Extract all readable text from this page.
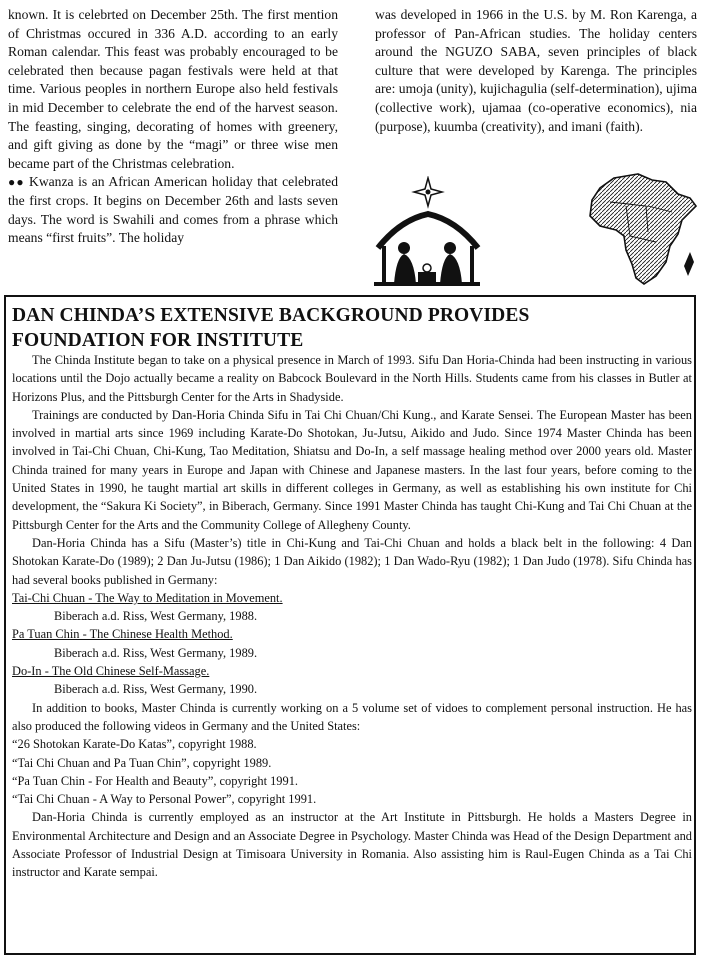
known. It is celebrted on December 25th. The first mention of Christmas occured in 336 A.D. according to an early Roman calendar. This feast was probably encouraged to be celebrated then because pagan festivals were held at that time. Various peoples in northern Europe also held festivals in mid December to celebrate the end of the harvest season. The feasting, singing, decorating of homes with greenery, and gift giving as done by the “magi” or three wise men became part of the Christmas celebration.

●● Kwanza is an African American holiday that celebrated the first crops. It begins on December 26th and lasts seven days. The word is Swahili and comes from a phrase which means “first fruits”. The holiday

was developed in 1966 in the U.S. by M. Ron Karenga, a professor of Pan-African studies. The holiday centers around the NGUZO SABA, seven principles of black culture that were developed by Karenga. The principles are: umoja (unity), kujichagulia (self-determination), ujima (collective work), ujamaa (co-operative economics), nia (purpose), kuumba (creativity), and imani (faith).

DAN CHINDA’S EXTENSIVE BACKGROUND PROVIDES
FOUNDATION FOR INSTITUTE

The Chinda Institute began to take on a physical presence in March of 1993. Sifu Dan Horia-Chinda had been instructing in various locations until the Dojo actually became a reality on Babcock Boulevard in the North Hills. Students came from his classes in Butler at Horizons Plus, and the Pittsburgh Center for the Arts in Shadyside.

Trainings are conducted by Dan-Horia Chinda Sifu in Tai Chi Chuan/Chi Kung., and Karate Sensei. The European Master has been involved in martial arts since 1969 including Karate-Do Shotokan, Ju-Jutsu, Aikido and Judo. Since 1974 Master Chinda has been involved in Tai-Chi Chuan, Chi-Kung, Tao Meditation, Shiatsu and Do-In, a self massage healing method over 2000 years old. Master Chinda trained for many years in Europe and Japan with Chinese and Japanese masters. In the last four years, before coming to the United States in 1990, he taught martial art skills in different colleges in Germany, as well as establishing his own institute for Chi development, the “Sakura Ki Society”, in Biberach, Germany. Since 1991 Master Chinda has taught Chi-Kung and Tai Chi Chuan at the Pittsburgh Center for the Arts and the Community College of Allegheny County.

Dan-Horia Chinda has a Sifu (Master’s) title in Chi-Kung and Tai-Chi Chuan and holds a black belt in the following: 4 Dan Shotokan Karate-Do (1989); 2 Dan Ju-Jutsu (1986); 1 Dan Aikido (1982); 1 Dan Wado-Ryu (1982); 1 Dan Judo (1978). Sifu Chinda has had several books published in Germany:

Tai-Chi Chuan - The Way to Meditation in Movement.

Biberach a.d. Riss, West Germany, 1988.

Pa Tuan Chin - The Chinese Health Method.

Biberach a.d. Riss, West Germany, 1989.

Do-In - The Old Chinese Self-Massage.

Biberach a.d. Riss, West Germany, 1990.

In addition to books, Master Chinda is currently working on a 5 volume set of vidoes to complement personal instruction. He has also produced the following videos in Germany and the United States:

“26 Shotokan Karate-Do Katas”, copyright 1988.

“Tai Chi Chuan and Pa Tuan Chin”, copyright 1989.

“Pa Tuan Chin - For Health and Beauty”, copyright 1991.

“Tai Chi Chuan - A Way to Personal Power”, copyright 1991.

Dan-Horia Chinda is currently employed as an instructor at the Art Institute in Pittsburgh. He holds a Masters Degree in Environmental Architecture and Design and an Associate Degree in Psychology. Master Chinda was Head of the Design Department and Associate Professor of Industrial Design at Timisoara University in Romania. Also assisting him is Raul-Eugen Chinda as a Tai Chi instructor and Karate sempai.
